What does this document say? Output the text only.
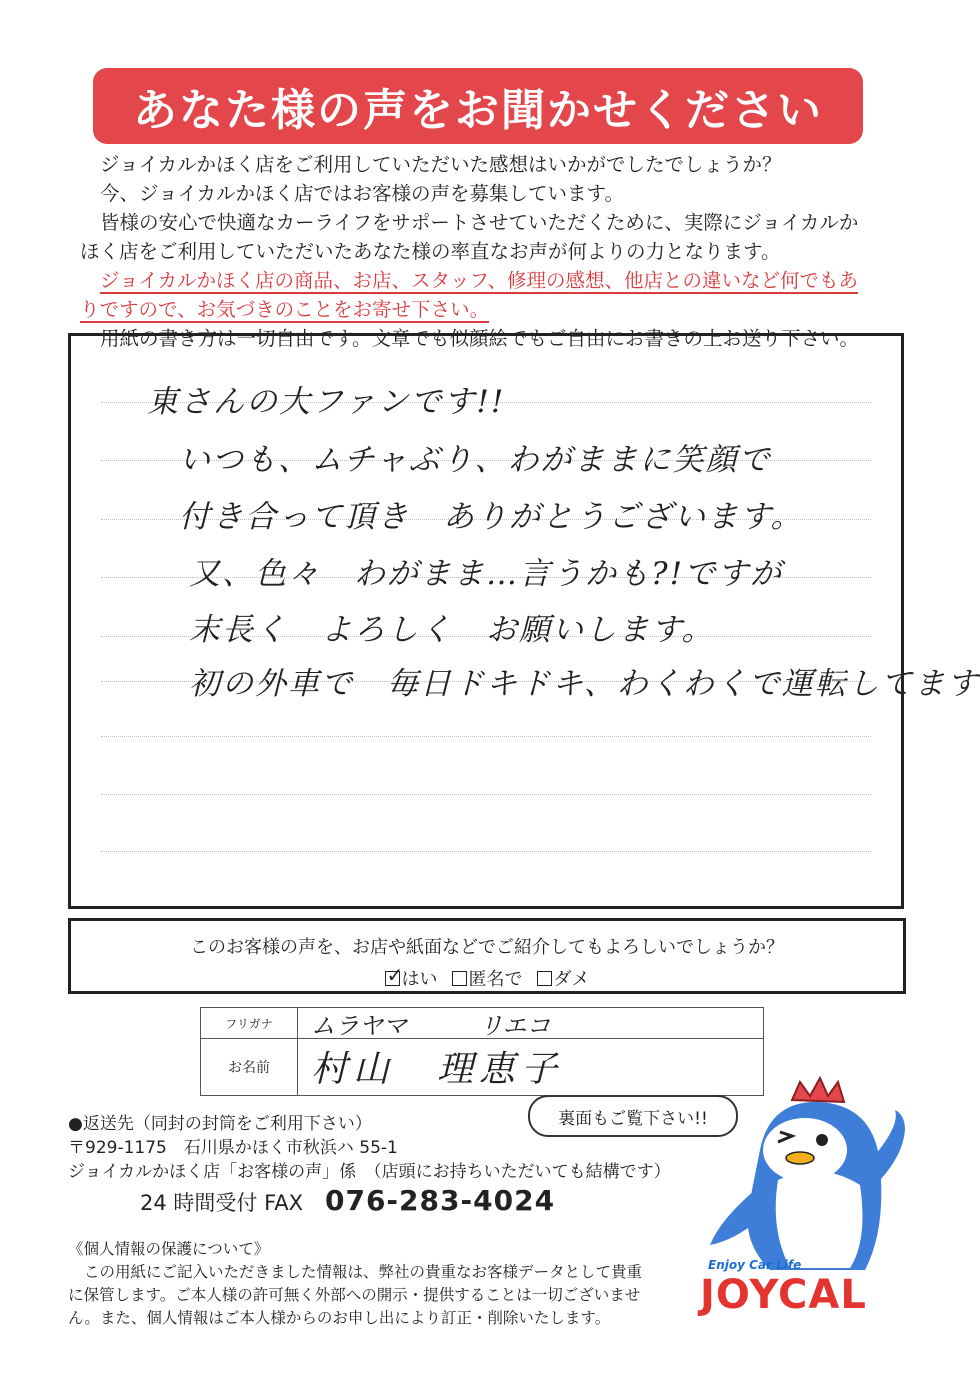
あなた様の声をお聞かせください
ジョイカルかほく店をご利用していただいた感想はいかがでしたでしょうか？
今、ジョイカルかほく店ではお客様の声を募集しています。
皆様の安心で快適なカーライフをサポートさせていただくために、実際にジョイカルか
ほく店をご利用していただいたあなた様の率直なお声が何よりの力となります。
ジョイカルかほく店の商品、お店、スタッフ、修理の感想、他店との違いなど何でもあ
りですので、お気づきのことをお寄せ下さい。
用紙の書き方は一切自由です。文章でも似顔絵でもご自由にお書きの上お送り下さい。
東さんの大ファンです!!
いつも、ムチャぶり、わがままに笑顔で
付き合って頂き　ありがとうございます。
又、色々　わがまま…言うかも?!ですが
末長く　よろしく　お願いします。
初の外車で　毎日ドキドキ、わくわくで運転してます
このお客様の声を、お店や紙面などでご紹介してもよろしいでしょうか？
✓はい	匿名で	ダメ
フリガナ	ムラヤマ　　　リエコ
お名前	村山　理恵子
裏面もご覧下さい!!
●返送先（同封の封筒をご利用下さい）
〒929-1175　石川県かほく市秋浜ハ 55-1
ジョイカルかほく店「お客様の声」係　（店頭にお持ちいただいても結構です）
24 時間受付 FAX 076-283-4024
《個人情報の保護について》
この用紙にご記入いただきました情報は、弊社の貴重なお客様データとして貴重
に保管します。ご本人様の許可無く外部への開示・提供することは一切ございませ
ん。また、個人情報はご本人様からのお申し出により訂正・削除いたします。
Enjoy Car Life
JOYCAL
